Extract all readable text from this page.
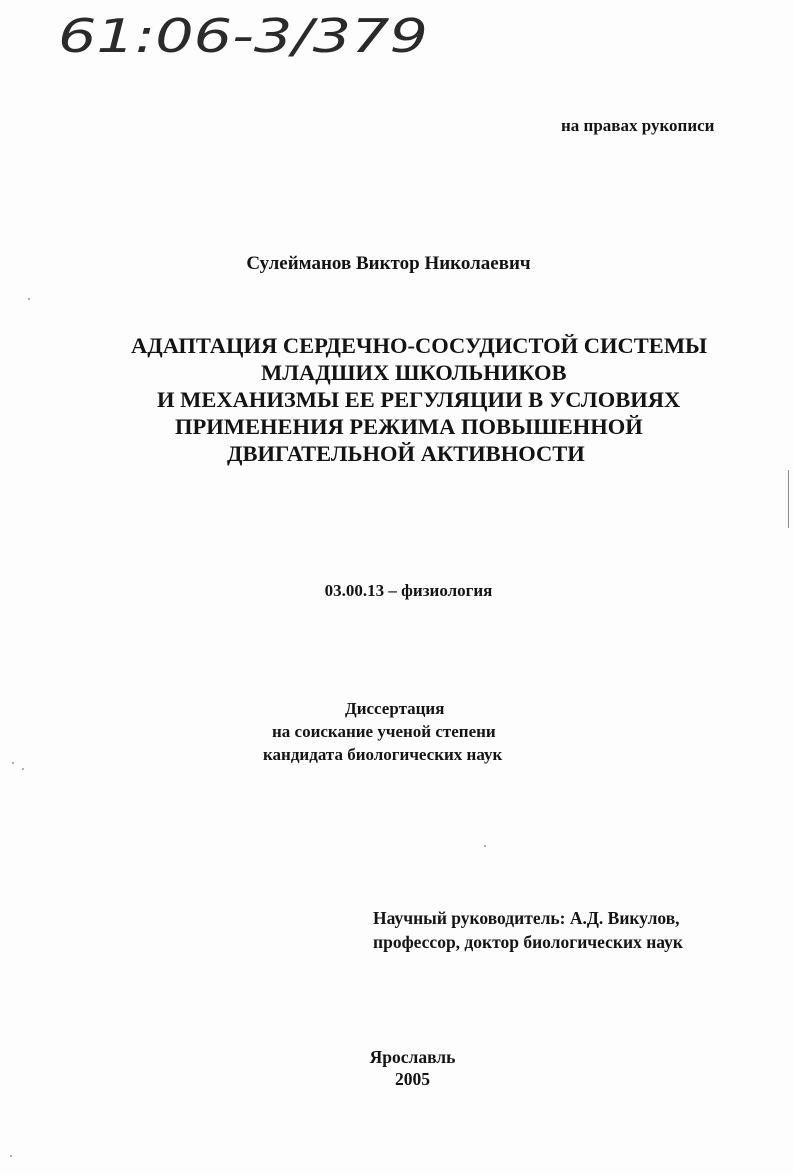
61:06-3/379
на правах рукописи
Сулейманов Виктор Николаевич
АДАПТАЦИЯ СЕРДЕЧНО-СОСУДИСТОЙ СИСТЕМЫ
МЛАДШИХ ШКОЛЬНИКОВ
И МЕХАНИЗМЫ ЕЕ РЕГУЛЯЦИИ В УСЛОВИЯХ
ПРИМЕНЕНИЯ РЕЖИМА ПОВЫШЕННОЙ
ДВИГАТЕЛЬНОЙ АКТИВНОСТИ
03.00.13 – физиология
Диссертация
на соискание ученой степени
кандидата биологических наук
Научный руководитель: А.Д. Викулов,
профессор, доктор биологических наук
Ярославль
2005
